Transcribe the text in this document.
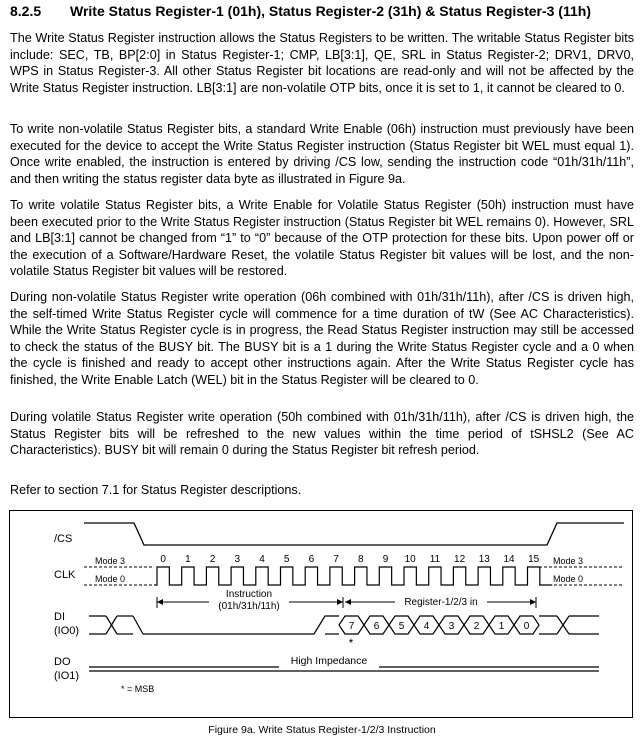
8.2.5 Write Status Register-1 (01h), Status Register-2 (31h) & Status Register-3 (11h)

The Write Status Register instruction allows the Status Registers to be written. The writable Status Register bits include: SEC, TB, BP[2:0] in Status Register-1; CMP, LB[3:1], QE, SRL in Status Register-2; DRV1, DRV0, WPS in Status Register-3. All other Status Register bit locations are read-only and will not be affected by the Write Status Register instruction. LB[3:1] are non-volatile OTP bits, once it is set to 1, it cannot be cleared to 0.

To write non-volatile Status Register bits, a standard Write Enable (06h) instruction must previously have been executed for the device to accept the Write Status Register instruction (Status Register bit WEL must equal 1). Once write enabled, the instruction is entered by driving /CS low, sending the instruction code “01h/31h/11h”, and then writing the status register data byte as illustrated in Figure 9a.

To write volatile Status Register bits, a Write Enable for Volatile Status Register (50h) instruction must have been executed prior to the Write Status Register instruction (Status Register bit WEL remains 0). However, SRL and LB[3:1] cannot be changed from “1” to “0” because of the OTP protection for these bits. Upon power off or the execution of a Software/Hardware Reset, the volatile Status Register bit values will be lost, and the non-volatile Status Register bit values will be restored.

During non-volatile Status Register write operation (06h combined with 01h/31h/11h), after /CS is driven high, the self-timed Write Status Register cycle will commence for a time duration of tW (See AC Characteristics). While the Write Status Register cycle is in progress, the Read Status Register instruction may still be accessed to check the status of the BUSY bit. The BUSY bit is a 1 during the Write Status Register cycle and a 0 when the cycle is finished and ready to accept other instructions again. After the Write Status Register cycle has finished, the Write Enable Latch (WEL) bit in the Status Register will be cleared to 0.

During volatile Status Register write operation (50h combined with 01h/31h/11h), after /CS is driven high, the Status Register bits will be refreshed to the new values within the time period of tSHSL2 (See AC Characteristics). BUSY bit will remain 0 during the Status Register bit refresh period.

Refer to section 7.1 for Status Register descriptions.

/CS
CLK
DI
(IO0)
DO
(IO1)
Mode 3
Mode 0
Mode 3
Mode 0
0 1 2 3 4 5 6 7 8 9 10 11 12 13 14 15
Instruction
(01h/31h/11h)	Register-1/2/3 in
7 6 5 4 3 2 1 0
*
High Impedance
* = MSB
Figure 9a. Write Status Register-1/2/3 Instruction
